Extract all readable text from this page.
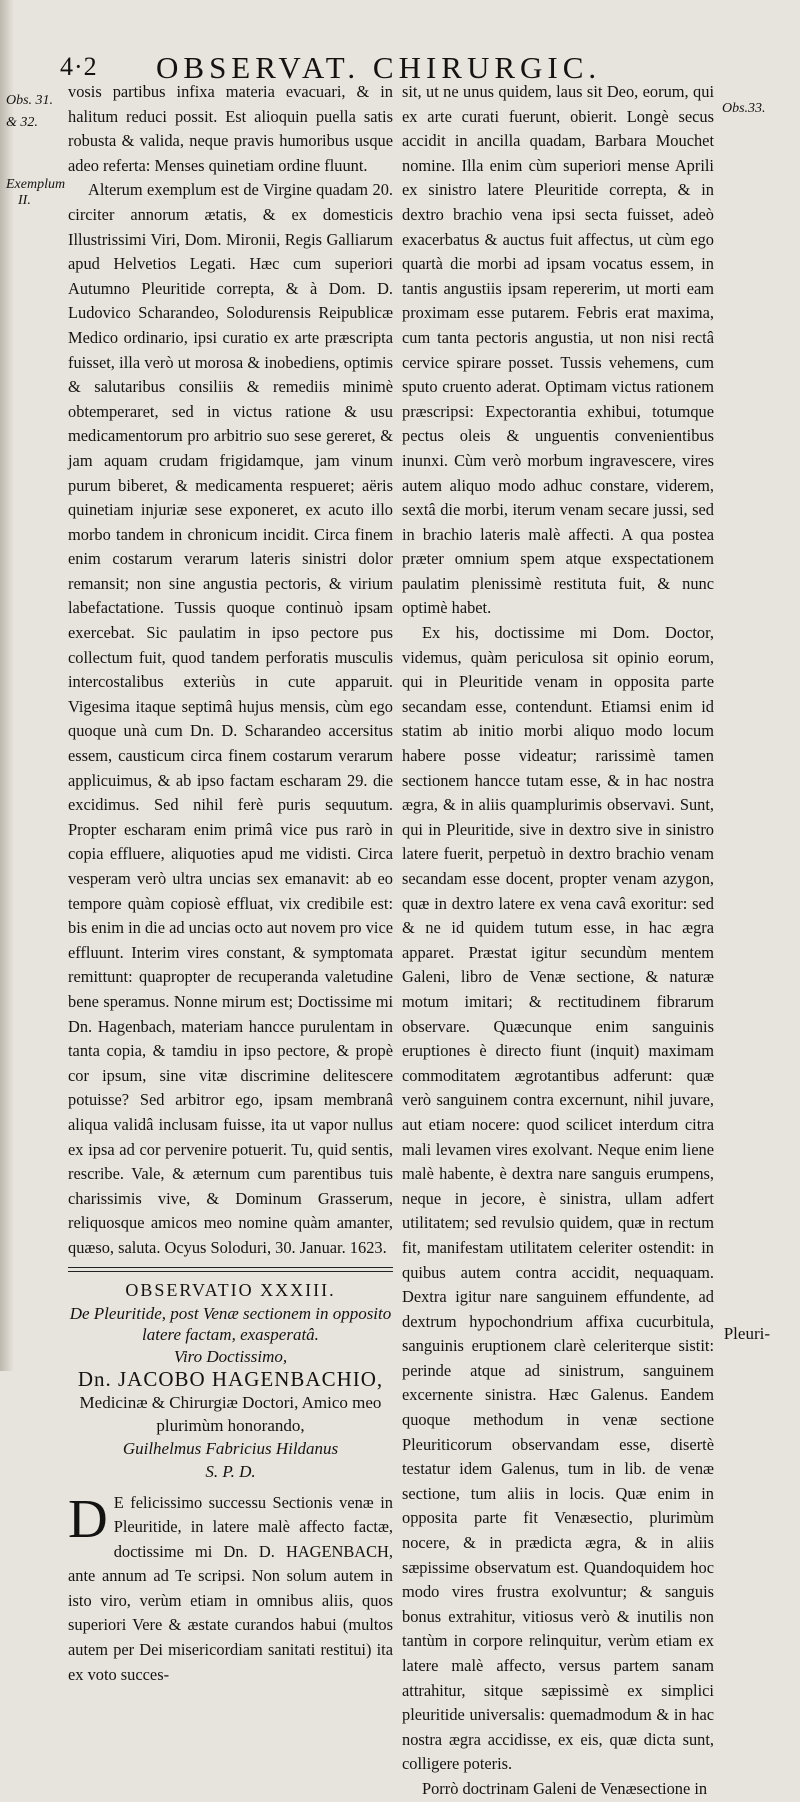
4·2 OBSERVAT. CHIRURGIC.
Obs. 31.
& 32.
Exemplum
II.
Obs.33.

vosis partibus infixa materia evacuari, & in halitum reduci possit. Est alioquin puella satis robusta & valida, neque pravis humoribus usque adeo referta: Menses quinetiam ordine fluunt.

Alterum exemplum est de Virgine quadam 20. circiter annorum ætatis, & ex domesticis Illustrissimi Viri, Dom. Mironii, Regis Galliarum apud Helvetios Legati. Hæc cum superiori Autumno Pleuritide correpta, & à Dom. D. Ludovico Scharandeo, Solodurensis Reipublicæ Medico ordinario, ipsi curatio ex arte præscripta fuisset, illa verò ut morosa & inobediens, optimis & salutaribus consiliis & remediis minimè obtemperaret, sed in victus ratione & usu medicamentorum pro arbitrio suo sese gereret, & jam aquam crudam frigidamque, jam vinum purum biberet, & medicamenta respueret; aëris quinetiam injuriæ sese exponeret, ex acuto illo morbo tandem in chronicum incidit. Circa finem enim costarum verarum lateris sinistri dolor remansit; non sine angustia pectoris, & virium labefactatione. Tussis quoque continuò ipsam exercebat. Sic paulatim in ipso pectore pus collectum fuit, quod tandem perforatis musculis intercostalibus exteriùs in cute apparuit. Vigesima itaque septimâ hujus mensis, cùm ego quoque unà cum Dn. D. Scharandeo accersitus essem, causticum circa finem costarum verarum applicuimus, & ab ipso factam escharam 29. die excidimus. Sed nihil ferè puris sequutum. Propter escharam enim primâ vice pus rarò in copia effluere, aliquoties apud me vidisti. Circa vesperam verò ultra uncias sex emanavit: ab eo tempore quàm copiosè effluat, vix credibile est: bis enim in die ad uncias octo aut novem pro vice effluunt. Interim vires constant, & symptomata remittunt: quapropter de recuperanda valetudine bene speramus. Nonne mirum est; Doctissime mi Dn. Hagenbach, materiam hancce purulentam in tanta copia, & tamdiu in ipso pectore, & propè cor ipsum, sine vitæ discrimine delitescere potuisse? Sed arbitror ego, ipsam membranâ aliqua validâ inclusam fuisse, ita ut vapor nullus ex ipsa ad cor pervenire potuerit. Tu, quid sentis, rescribe. Vale, & æternum cum parentibus tuis charissimis vive, & Dominum Grasserum, reliquosque amicos meo nomine quàm amanter, quæso, saluta. Ocyus Soloduri, 30. Januar. 1623.

OBSERVATIO XXXIII.
De Pleuritide, post Venæ sectionem in opposito latere factam, exasperatâ.
Viro Doctissimo,
Dn. JACOBO HAGENBACHIO,
Medicinæ & Chirurgiæ Doctori, Amico meo plurimùm honorando,
Guilhelmus Fabricius Hildanus
S. P. D.
D E felicissimo successu Sectionis venæ in Pleuritide, in latere malè affecto factæ, doctissime mi Dn. D. HAGENBACH, ante annum ad Te scripsi. Non solum autem in isto viro, verùm etiam in omnibus aliis, quos superiori Vere & æstate curandos habui (multos autem per Dei misericordiam sanitati restitui) ita ex voto succes-

sit, ut ne unus quidem, laus sit Deo, eorum, qui ex arte curati fuerunt, obierit. Longè secus accidit in ancilla quadam, Barbara Mouchet nomine. Illa enim cùm superiori mense Aprili ex sinistro latere Pleuritide correpta, & in dextro brachio vena ipsi secta fuisset, adeò exacerbatus & auctus fuit affectus, ut cùm ego quartà die morbi ad ipsam vocatus essem, in tantis angustiis ipsam repererim, ut morti eam proximam esse putarem. Febris erat maxima, cum tanta pectoris angustia, ut non nisi rectâ cervice spirare posset. Tussis vehemens, cum sputo cruento aderat. Optimam victus rationem præscripsi: Expectorantia exhibui, totumque pectus oleis & unguentis convenientibus inunxi. Cùm verò morbum ingravescere, vires autem aliquo modo adhuc constare, viderem, sextâ die morbi, iterum venam secare jussi, sed in brachio lateris malè affecti. A qua postea præter omnium spem atque exspectationem paulatim plenissimè restituta fuit, & nunc optimè habet.

Ex his, doctissime mi Dom. Doctor, videmus, quàm periculosa sit opinio eorum, qui in Pleuritide venam in opposita parte secandam esse, contendunt. Etiamsi enim id statim ab initio morbi aliquo modo locum habere posse videatur; rarissimè tamen sectionem hancce tutam esse, & in hac nostra ægra, & in aliis quamplurimis observavi. Sunt, qui in Pleuritide, sive in dextro sive in sinistro latere fuerit, perpetuò in dextro brachio venam secandam esse docent, propter venam azygon, quæ in dextro latere ex vena cavâ exoritur: sed & ne id quidem tutum esse, in hac ægra apparet. Præstat igitur secundùm mentem Galeni, libro de Venæ sectione, & naturæ motum imitari; & rectitudinem fibrarum observare. Quæcunque enim sanguinis eruptiones è directo fiunt (inquit) maximam commoditatem ægrotantibus adferunt: quæ verò sanguinem contra excernunt, nihil juvare, aut etiam nocere: quod scilicet interdum citra mali levamen vires exolvant. Neque enim liene malè habente, è dextra nare sanguis erumpens, neque in jecore, è sinistra, ullam adfert utilitatem; sed revulsio quidem, quæ in rectum fit, manifestam utilitatem celeriter ostendit: in quibus autem contra accidit, nequaquam. Dextra igitur nare sanguinem effundente, ad dextrum hypochondrium affixa cucurbitula, sanguinis eruptionem clarè celeriterque sistit: perinde atque ad sinistrum, sanguinem excernente sinistra. Hæc Galenus. Eandem quoque methodum in venæ sectione Pleuriticorum observandam esse, disertè testatur idem Galenus, tum in lib. de venæ sectione, tum aliis in locis. Quæ enim in opposita parte fit Venæsectio, plurimùm nocere, & in prædicta ægra, & in aliis sæpissime observatum est. Quandoquidem hoc modo vires frustra exolvuntur; & sanguis bonus extrahitur, vitiosus verò & inutilis non tantùm in corpore relinquitur, verùm etiam ex latere malè affecto, versus partem sanam attrahitur, sitque sæpissimè ex simplici pleuritide universalis: quemadmodum & in hac nostra ægra accidisse, ex eis, quæ dicta sunt, colligere poteris.

Porrò doctrinam Galeni de Venæsectione in

Pleuri-
